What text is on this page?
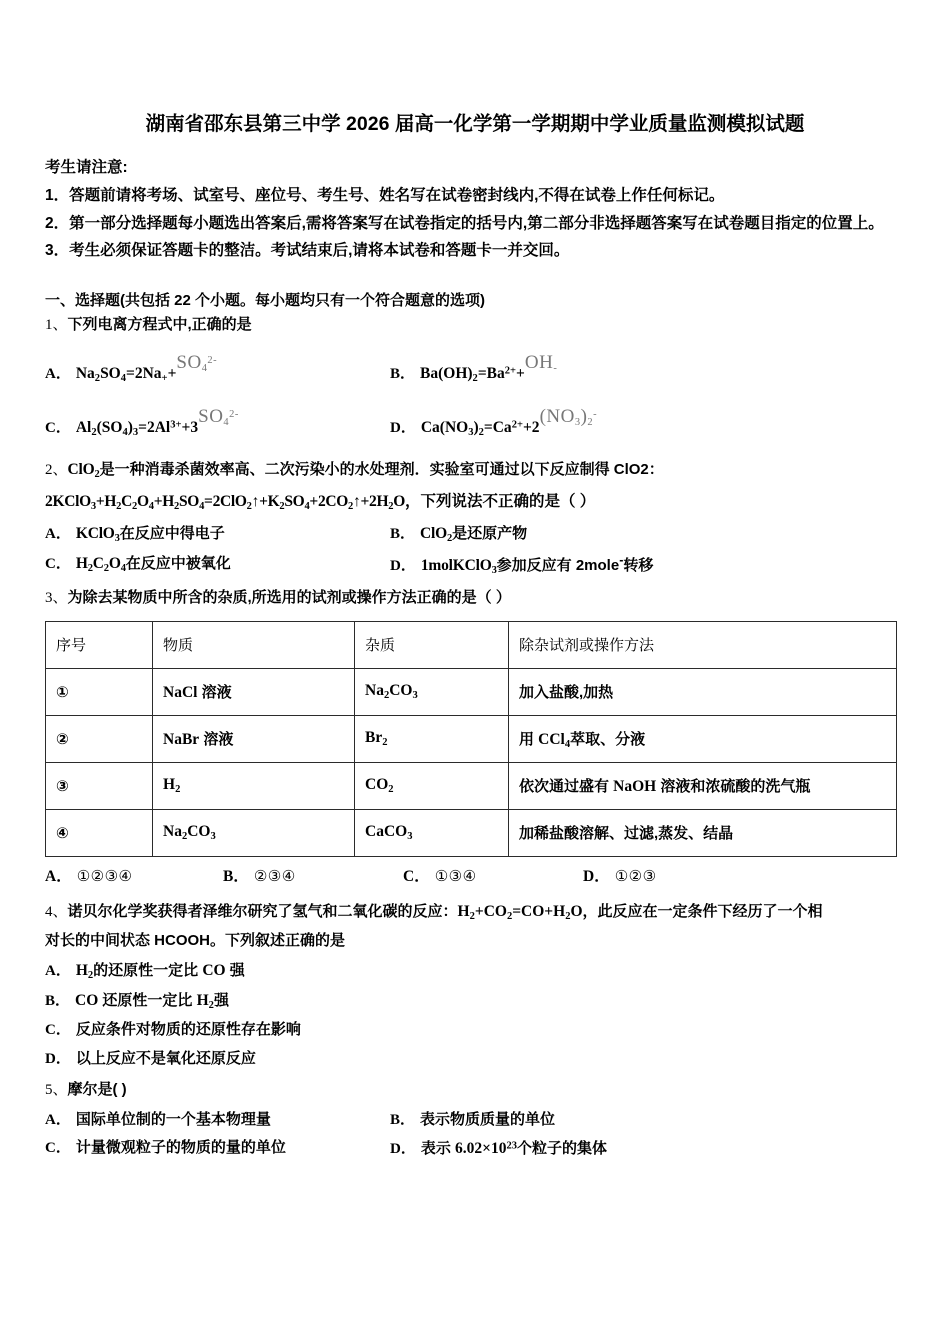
湖南省邵东县第三中学 2026 届高一化学第一学期期中学业质量监测模拟试题
考生请注意:
1．答题前请将考场、试室号、座位号、考生号、姓名写在试卷密封线内,不得在试卷上作任何标记。
2．第一部分选择题每小题选出答案后,需将答案写在试卷指定的括号内,第二部分非选择题答案写在试卷题目指定的位置上。
3．考生必须保证答题卡的整洁。考试结束后,请将本试卷和答题卡一并交回。
一、选择题(共包括 22 个小题。每小题均只有一个符合题意的选项)
1、下列电离方程式中,正确的是
A． $Na_2SO_4=2Na_++SO_4^{2-}$
B． $Ba(OH)_2=Ba^{2+}+OH_-$
C． $Al_2(SO_4)_3=2Al^{3+}+3SO_4^{2-}$
D． $Ca(NO_3)_2=Ca^{2+}+2(NO_3)_2^-$
2、ClO$_2$是一种消毒杀菌效率高、二次污染小的水处理剂．实验室可通过以下反应制得 ClO2：
$2KClO_3+H_2C_2O_4+H_2SO_4=2ClO_2↑+K_2SO_4+2CO_2↑+2H_2O$，下列说法不正确的是（ ）
A． KClO$_3$在反应中得电子	B． ClO$_2$是还原产物
C． $H_2C_2O_4$在反应中被氧化	D． 1molKClO$_3$参加反应有 2mole-转移
3、为除去某物质中所含的杂质,所选用的试剂或操作方法正确的是（ ）
序号	物质	杂质	除杂试剂或操作方法
①	NaCl 溶液	$Na_2CO_3$	加入盐酸,加热
②	NaBr 溶液	$Br_2$	用 CCl$_4$萃取、分液
③	$H_2$	$CO_2$	依次通过盛有 NaOH 溶液和浓硫酸的洗气瓶
④	$Na_2CO_3$	CaCO$_3$	加稀盐酸溶解、过滤,蒸发、结晶
A． ①②③④	B． ②③④	C． ①③④	D． ①②③
4、诺贝尔化学奖获得者泽维尔研究了氢气和二氧化碳的反应：$H_2+CO_2=CO+H_2O$，此反应在一定条件下经历了一个相
对长的中间状态 HCOOH。下列叙述正确的是
A． $H_2$的还原性一定比 CO 强
B． CO 还原性一定比 $H_2$强
C． 反应条件对物质的还原性存在影响
D． 以上反应不是氧化还原反应
5、摩尔是( )
A． 国际单位制的一个基本物理量	B． 表示物质质量的单位
C． 计量微观粒子的物质的量的单位	D． 表示 $6.02\times 10^{23}$个粒子的集体
